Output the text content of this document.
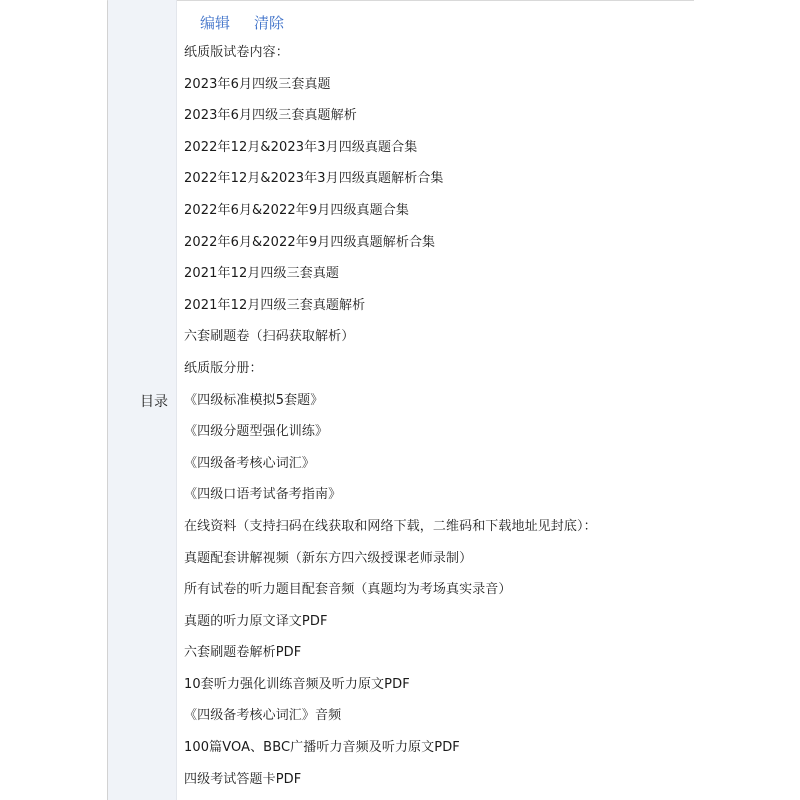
目录
编辑 清除
纸质版试卷内容：
2023年6月四级三套真题
2023年6月四级三套真题解析
2022年12月&2023年3月四级真题合集
2022年12月&2023年3月四级真题解析合集
2022年6月&2022年9月四级真题合集
2022年6月&2022年9月四级真题解析合集
2021年12月四级三套真题
2021年12月四级三套真题解析
六套刷题卷（扫码获取解析）
纸质版分册：
《四级标准模拟5套题》
《四级分题型强化训练》
《四级备考核心词汇》
《四级口语考试备考指南》
在线资料（支持扫码在线获取和网络下载，二维码和下载地址见封底）：
真题配套讲解视频（新东方四六级授课老师录制）
所有试卷的听力题目配套音频（真题均为考场真实录音）
真题的听力原文译文PDF
六套刷题卷解析PDF
10套听力强化训练音频及听力原文PDF
《四级备考核心词汇》音频
100篇VOA、BBC广播听力音频及听力原文PDF
四级考试答题卡PDF
